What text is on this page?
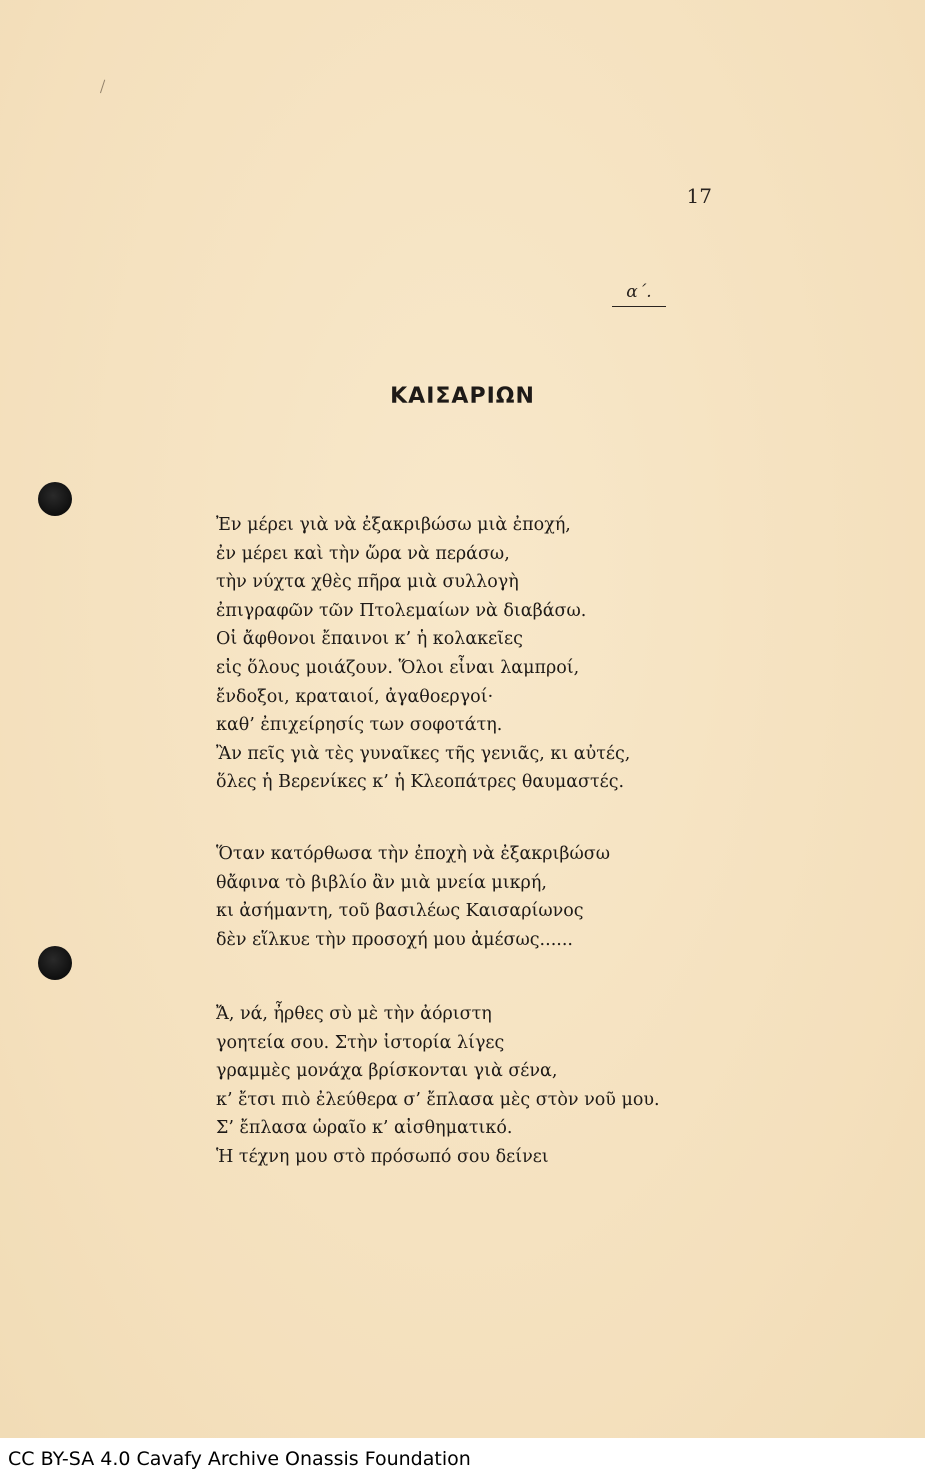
17
α΄.
ΚΑΙΣΑΡΙΩΝ
Ἐν μέρει γιὰ νὰ ἐξακριβώσω μιὰ ἐποχή,
ἐν μέρει καὶ τὴν ὥρα νὰ περάσω,
τὴν νύχτα χθὲς πῆρα μιὰ συλλογὴ
ἐπιγραφῶν τῶν Πτολεμαίων νὰ διαβάσω.
Οἱ ἄφθονοι ἔπαινοι κ’ ἡ κολακεῖες
εἰς ὅλους μοιάζουν. Ὅλοι εἶναι λαμπροί,
ἔνδοξοι, κραταιοί, ἀγαθοεργοί·
καθ’ ἐπιχείρησίς των σοφοτάτη.
Ἂν πεῖς γιὰ τὲς γυναῖκες τῆς γενιᾶς, κι αὐτές,
ὅλες ἡ Βερενίκες κ’ ἡ Κλεοπάτρες θαυμαστές.
Ὅταν κατόρθωσα τὴν ἐποχὴ νὰ ἐξακριβώσω
θἄφινα τὸ βιβλίο ἂν μιὰ μνεία μικρή,
κι ἀσήμαντη, τοῦ βασιλέως Καισαρίωνος
δὲν εἵλκυε τὴν προσοχή μου ἀμέσως......
Ἄ, νά, ἦρθες σὺ μὲ τὴν ἀόριστη
γοητεία σου. Στὴν ἱστορία λίγες
γραμμὲς μονάχα βρίσκονται γιὰ σένα,
κ’ ἔτσι πιὸ ἐλεύθερα σ’ ἔπλασα μὲς στὸν νοῦ μου.
Σ’ ἔπλασα ὡραῖο κ’ αἰσθηματικό.
Ἡ τέχνη μου στὸ πρόσωπό σου δείνει
CC BY-SA 4.0 Cavafy Archive Onassis Foundation
